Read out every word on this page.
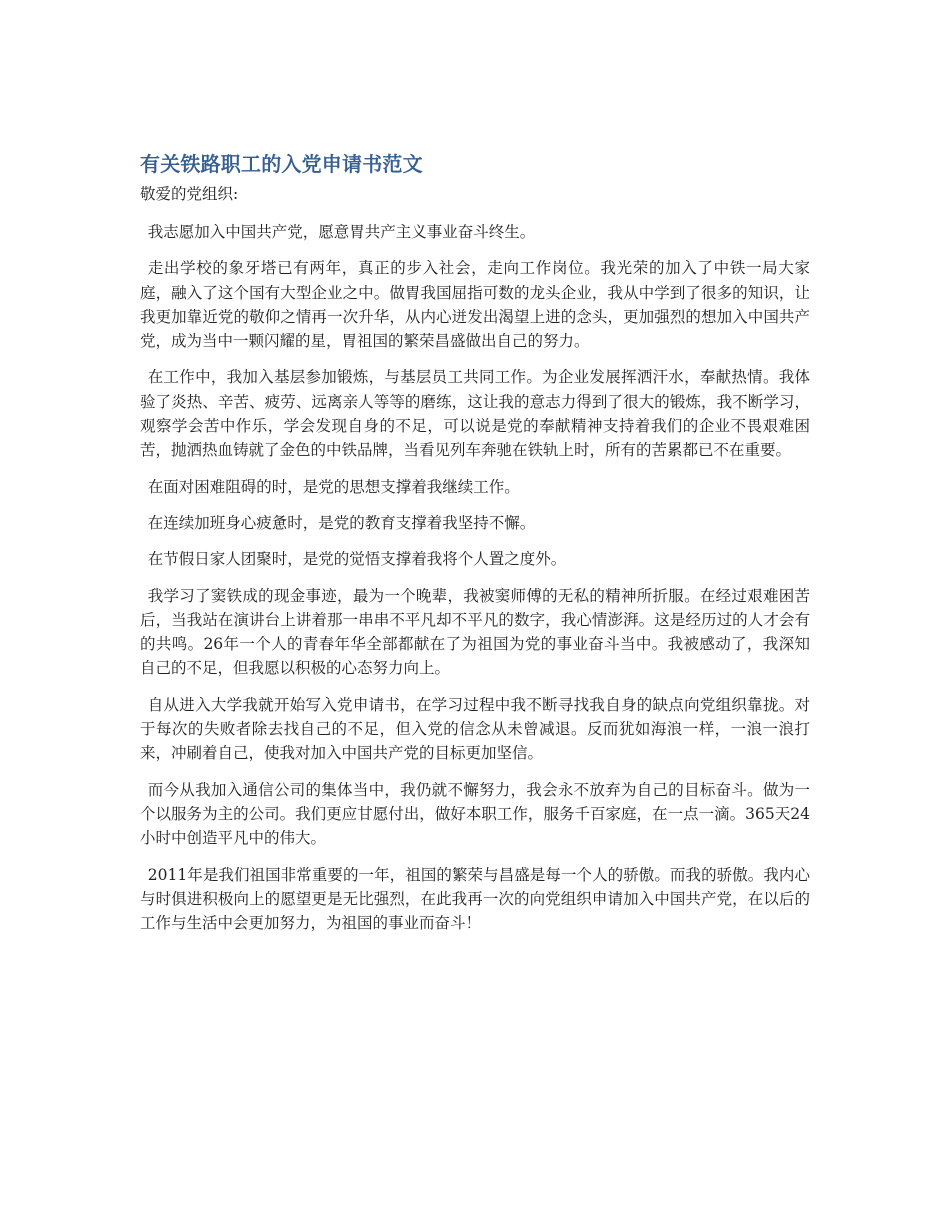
有关铁路职工的入党申请书范文

敬爱的党组织:

我志愿加入中国共产党，愿意胃共产主义事业奋斗终生。

走出学校的象牙塔已有两年，真正的步入社会，走向工作岗位。我光荣的加入了中铁一局大家庭，融入了这个国有大型企业之中。做胃我国屈指可数的龙头企业，我从中学到了很多的知识，让我更加靠近党的敬仰之情再一次升华，从内心迸发出渴望上进的念头，更加强烈的想加入中国共产党，成为当中一颗闪耀的星，胃祖国的繁荣昌盛做出自己的努力。

在工作中，我加入基层参加锻炼，与基层员工共同工作。为企业发展挥洒汗水，奉献热情。我体验了炎热、辛苦、疲劳、远离亲人等等的磨练，这让我的意志力得到了很大的锻炼，我不断学习，观察学会苦中作乐，学会发现自身的不足，可以说是党的奉献精神支持着我们的企业不畏艰难困苦，抛洒热血铸就了金色的中铁品牌，当看见列车奔驰在铁轨上时，所有的苦累都已不在重要。

在面对困难阻碍的时，是党的思想支撑着我继续工作。

在连续加班身心疲惫时，是党的教育支撑着我坚持不懈。

在节假日家人团聚时，是党的觉悟支撑着我将个人置之度外。

我学习了窦铁成的现金事迹，最为一个晚辈，我被窦师傅的无私的精神所折服。在经过艰难困苦后，当我站在演讲台上讲着那一串串不平凡却不平凡的数字，我心情澎湃。这是经历过的人才会有的共鸣。26年一个人的青春年华全部都献在了为祖国为党的事业奋斗当中。我被感动了，我深知自己的不足，但我愿以积极的心态努力向上。

自从进入大学我就开始写入党申请书，在学习过程中我不断寻找我自身的缺点向党组织靠拢。对于每次的失败者除去找自己的不足，但入党的信念从未曾减退。反而犹如海浪一样，一浪一浪打来，冲刷着自己，使我对加入中国共产党的目标更加坚信。

而今从我加入通信公司的集体当中，我仍就不懈努力，我会永不放弃为自己的目标奋斗。做为一个以服务为主的公司。我们更应甘愿付出，做好本职工作，服务千百家庭，在一点一滴。365天24小时中创造平凡中的伟大。

2011年是我们祖国非常重要的一年，祖国的繁荣与昌盛是每一个人的骄傲。而我的骄傲。我内心与时俱进积极向上的愿望更是无比强烈，在此我再一次的向党组织申请加入中国共产党，在以后的工作与生活中会更加努力，为祖国的事业而奋斗！
